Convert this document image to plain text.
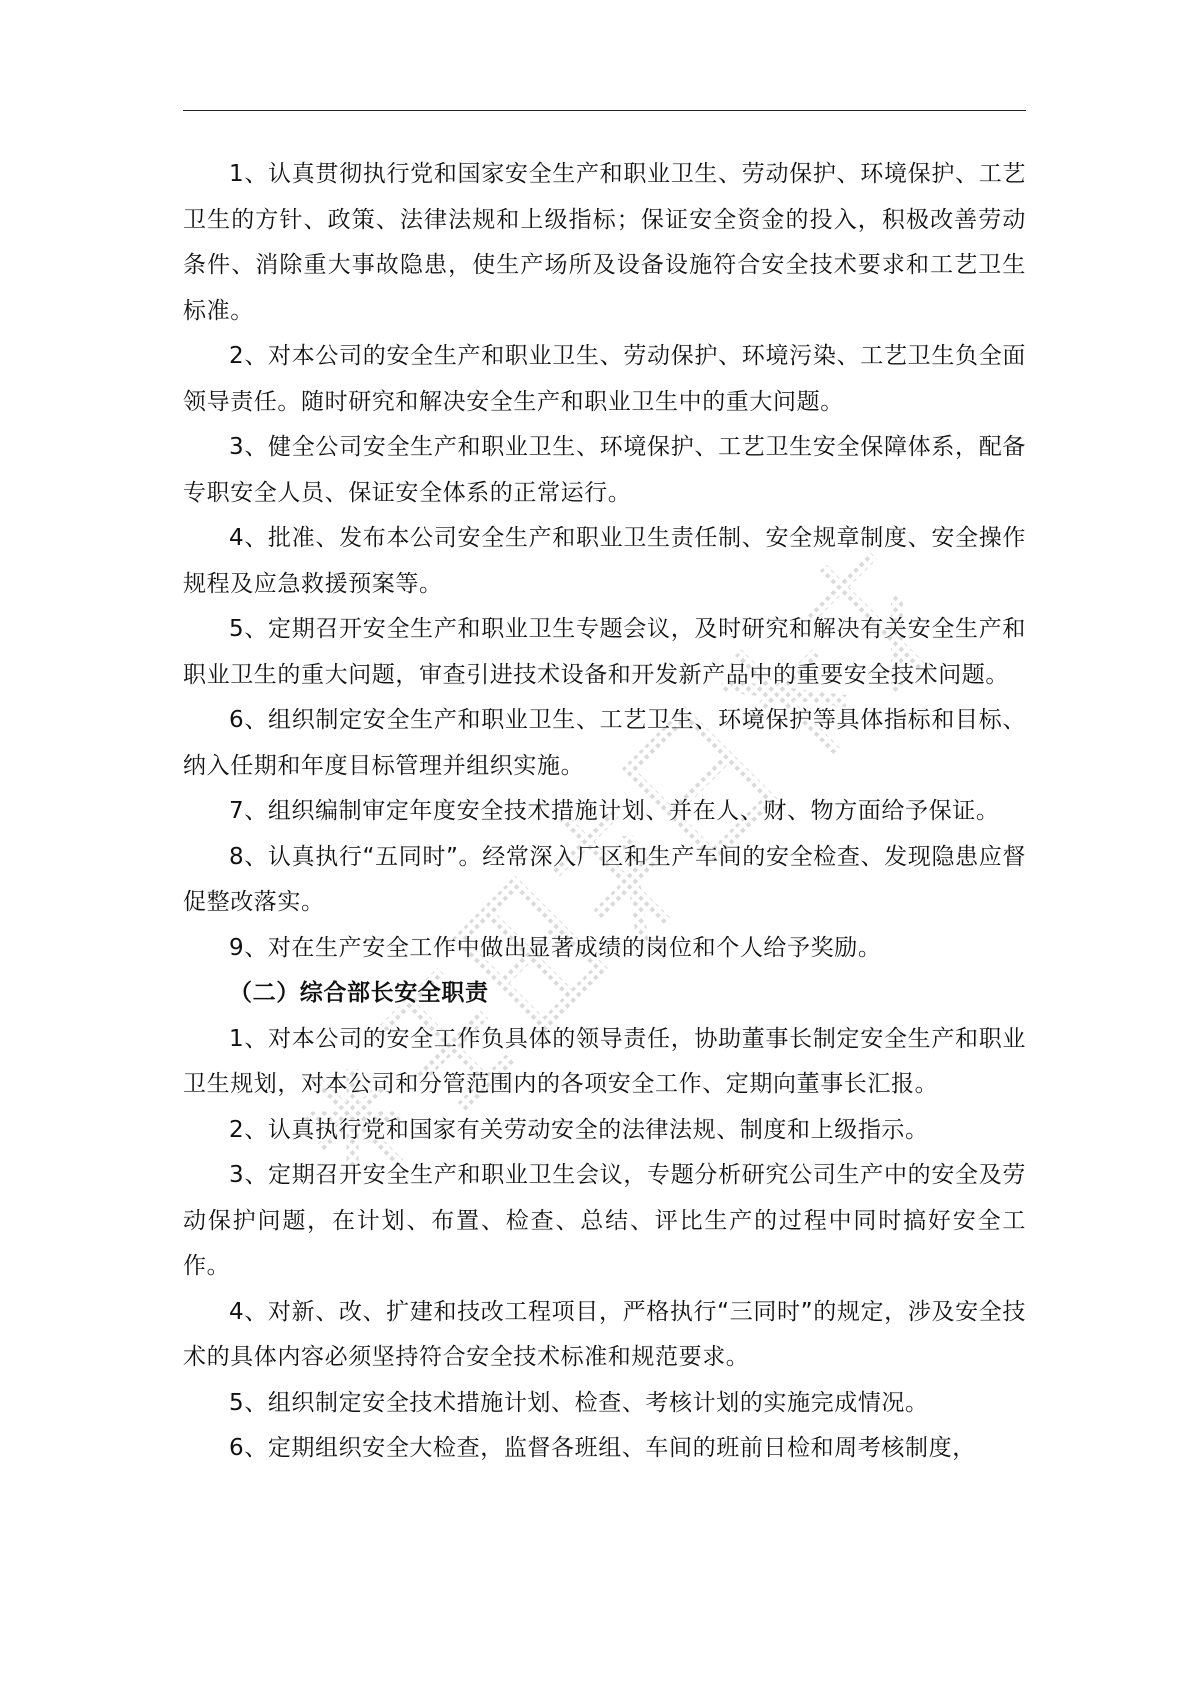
1、认真贯彻执行党和国家安全生产和职业卫生、劳动保护、环境保护、工艺卫生的方针、政策、法律法规和上级指标；保证安全资金的投入，积极改善劳动条件、消除重大事故隐患，使生产场所及设备设施符合安全技术要求和工艺卫生标准。

2、对本公司的安全生产和职业卫生、劳动保护、环境污染、工艺卫生负全面领导责任。随时研究和解决安全生产和职业卫生中的重大问题。

3、健全公司安全生产和职业卫生、环境保护、工艺卫生安全保障体系，配备专职安全人员、保证安全体系的正常运行。

4、批准、发布本公司安全生产和职业卫生责任制、安全规章制度、安全操作规程及应急救援预案等。

5、定期召开安全生产和职业卫生专题会议，及时研究和解决有关安全生产和职业卫生的重大问题，审查引进技术设备和开发新产品中的重要安全技术问题。

6、组织制定安全生产和职业卫生、工艺卫生、环境保护等具体指标和目标、纳入任期和年度目标管理并组织实施。

7、组织编制审定年度安全技术措施计划、并在人、财、物方面给予保证。

8、认真执行“五同时”。经常深入厂区和生产车间的安全检查、发现隐患应督促整改落实。

9、对在生产安全工作中做出显著成绩的岗位和个人给予奖励。

（二）综合部长安全职责

1、对本公司的安全工作负具体的领导责任，协助董事长制定安全生产和职业卫生规划，对本公司和分管范围内的各项安全工作、定期向董事长汇报。

2、认真执行党和国家有关劳动安全的法律法规、制度和上级指示。

3、定期召开安全生产和职业卫生会议，专题分析研究公司生产中的安全及劳动保护问题，在计划、布置、检查、总结、评比生产的过程中同时搞好安全工作。

4、对新、改、扩建和技改工程项目，严格执行“三同时”的规定，涉及安全技术的具体内容必须坚持符合安全技术标准和规范要求。

5、组织制定安全技术措施计划、检查、考核计划的实施完成情况。

6、定期组织安全大检查，监督各班组、车间的班前日检和周考核制度，
